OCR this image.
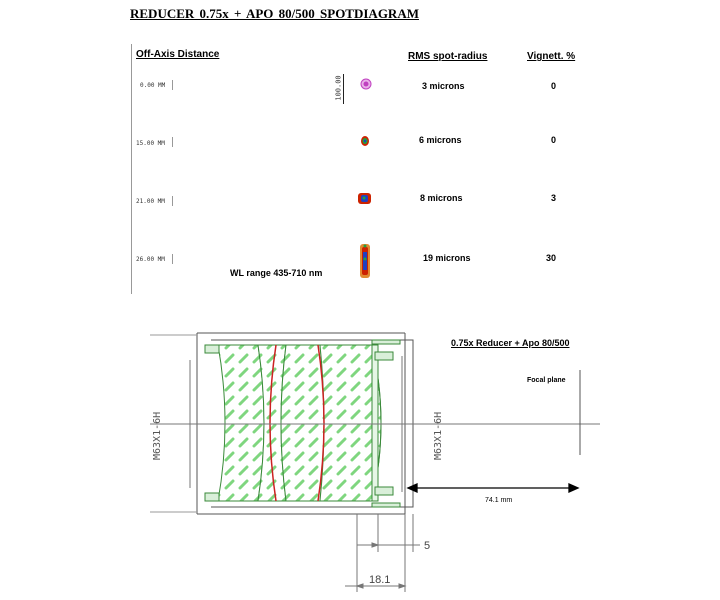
REDUCER 0.75x + APO 80/500 SPOTDIAGRAM
Off-Axis Distance	RMS spot-radius	Vignett. %
100.00
0.00 MM	3 microns	0
15.00 MM	6 microns	0
21.00 MM	8 microns	3
26.00 MM	19 microns	30
WL range 435-710 nm
M63X1-6H	M63X1-6H
5
18.1
0.75x Reducer + Apo 80/500
Focal plane
74.1 mm
